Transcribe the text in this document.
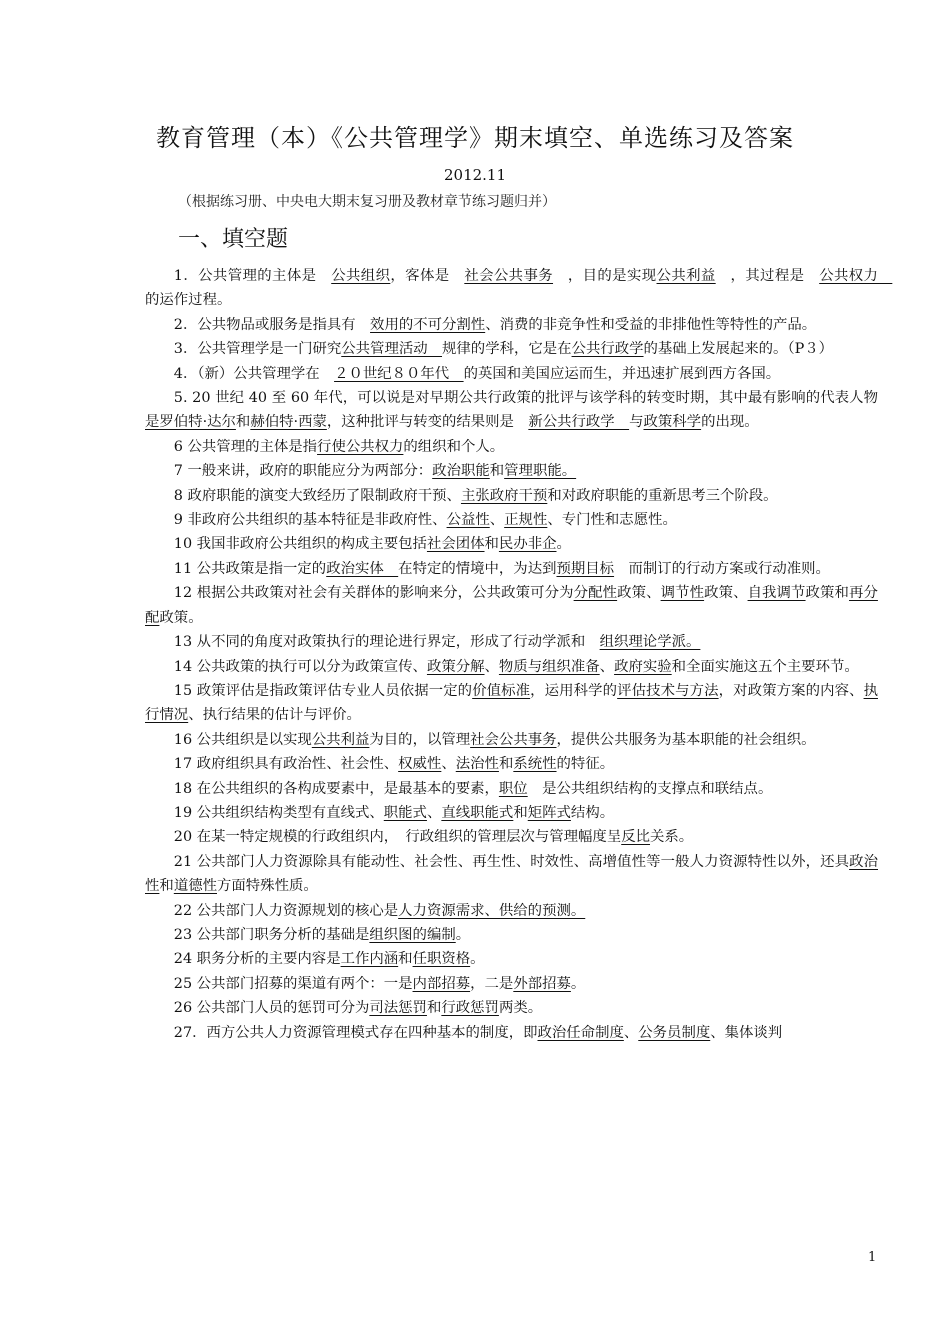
教育管理（本）《公共管理学》期末填空、单选练习及答案
2012.11
（根据练习册、中央电大期末复习册及教材章节练习题归并）
一、填空题

1．公共管理的主体是　公共组织，客体是　社会公共事务　，目的是实现公共利益　，其过程是　公共权力　的运作过程。

2．公共物品或服务是指具有　效用的不可分割性、消费的非竞争性和受益的非排他性等特性的产品。

3．公共管理学是一门研究公共管理活动　规律的学科，它是在公共行政学的基础上发展起来的。（P３）

4．（新）公共管理学在　２０世纪８０年代　的英国和美国应运而生，并迅速扩展到西方各国。

5. 20 世纪 40 至 60 年代，可以说是对早期公共行政策的批评与该学科的转变时期，其中最有影响的代表人物是罗伯特·达尔和赫伯特·西蒙，这种批评与转变的结果则是　新公共行政学　与政策科学的出现。

6 公共管理的主体是指行使公共权力的组织和个人。

7 一般来讲，政府的职能应分为两部分：政治职能和管理职能。

8 政府职能的演变大致经历了限制政府干预、主张政府干预和对政府职能的重新思考三个阶段。

9 非政府公共组织的基本特征是非政府性、公益性、正规性、专门性和志愿性。

10 我国非政府公共组织的构成主要包括社会团体和民办非企。

11 公共政策是指一定的政治实体　在特定的情境中，为达到预期目标　而制订的行动方案或行动准则。

12 根据公共政策对社会有关群体的影响来分，公共政策可分为分配性政策、调节性政策、自我调节政策和再分配政策。

13 从不同的角度对政策执行的理论进行界定，形成了行动学派和　组织理论学派。

14 公共政策的执行可以分为政策宣传、政策分解、物质与组织准备、政府实验和全面实施这五个主要环节。

15 政策评估是指政策评估专业人员依据一定的价值标准，运用科学的评估技术与方法，对政策方案的内容、执行情况、执行结果的估计与评价。

16 公共组织是以实现公共利益为目的，以管理社会公共事务，提供公共服务为基本职能的社会组织。

17 政府组织具有政治性、社会性、权威性、法治性和系统性的特征。

18 在公共组织的各构成要素中，是最基本的要素，职位　是公共组织结构的支撑点和联结点。

19 公共组织结构类型有直线式、职能式、直线职能式和矩阵式结构。

20 在某一特定规模的行政组织内，　行政组织的管理层次与管理幅度呈反比关系。

21 公共部门人力资源除具有能动性、社会性、再生性、时效性、高增值性等一般人力资源特性以外，还具政治性和道德性方面特殊性质。

22 公共部门人力资源规划的核心是人力资源需求、供给的预测。

23 公共部门职务分析的基础是组织图的编制。

24 职务分析的主要内容是工作内涵和任职资格。

25 公共部门招募的渠道有两个：一是内部招募，二是外部招募。

26 公共部门人员的惩罚可分为司法惩罚和行政惩罚两类。

27．西方公共人力资源管理模式存在四种基本的制度，即政治任命制度、公务员制度、集体谈判

1
